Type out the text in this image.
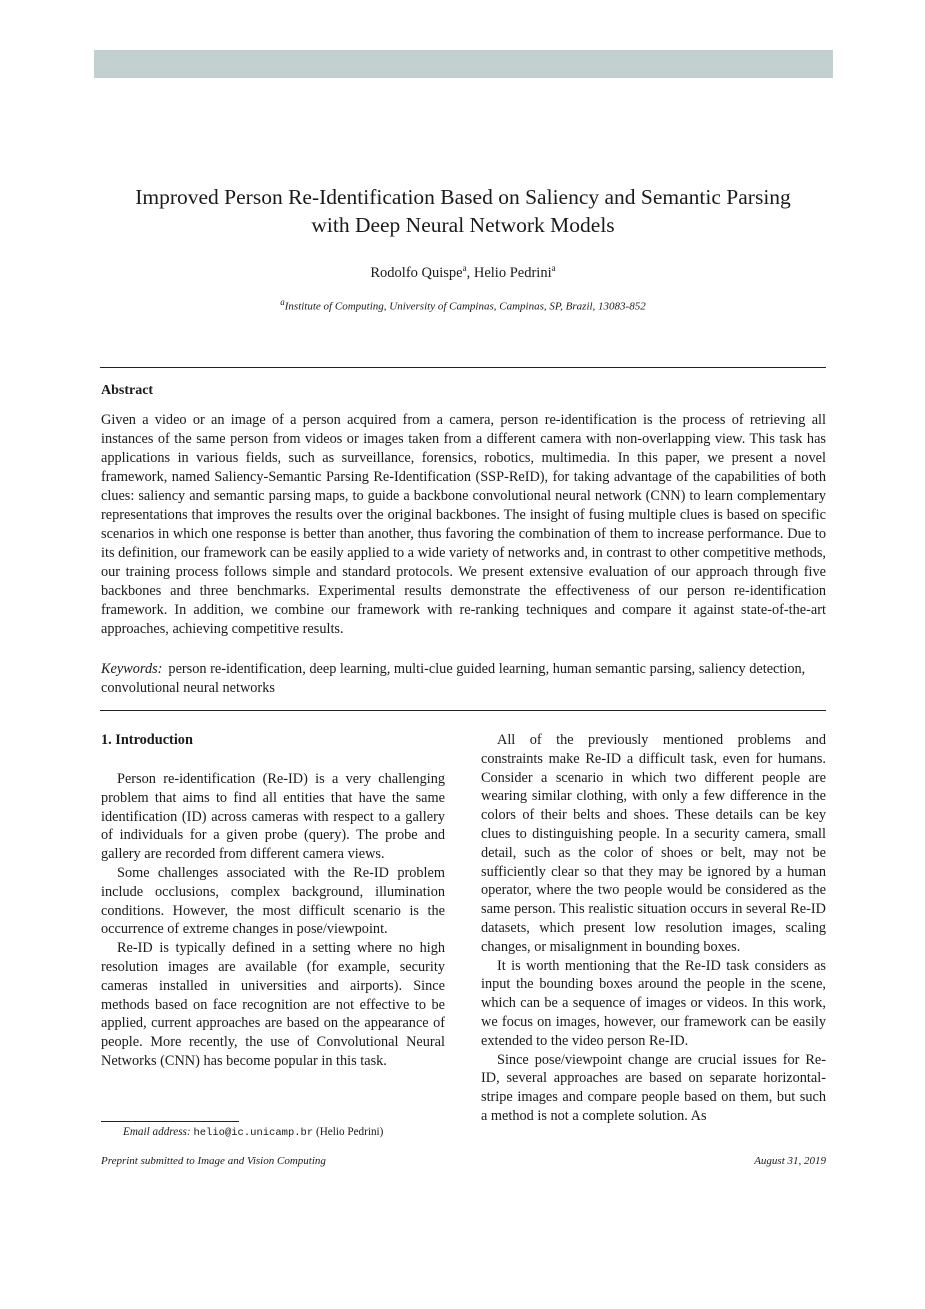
Improved Person Re-Identification Based on Saliency and Semantic Parsing
with Deep Neural Network Models
Rodolfo Quispe$^a$, Helio Pedrini$^a$
$^a$Institute of Computing, University of Campinas, Campinas, SP, Brazil, 13083-852
Abstract
Given a video or an image of a person acquired from a camera, person re-identification is the process of retrieving all instances of the same person from videos or images taken from a different camera with non-overlapping view. This task has applications in various fields, such as surveillance, forensics, robotics, multimedia. In this paper, we present a novel framework, named Saliency-Semantic Parsing Re-Identification (SSP-ReID), for taking advantage of the capabilities of both clues: saliency and semantic parsing maps, to guide a backbone convolutional neural network (CNN) to learn complementary representations that improves the results over the original backbones. The insight of fusing multiple clues is based on specific scenarios in which one response is better than another, thus favoring the combination of them to increase performance. Due to its definition, our framework can be easily applied to a wide variety of networks and, in contrast to other competitive methods, our training process follows simple and standard protocols. We present extensive evaluation of our approach through five backbones and three benchmarks. Experimental results demonstrate the effectiveness of our person re-identification framework. In addition, we combine our framework with re-ranking techniques and compare it against state-of-the-art approaches, achieving competitive results.
Keywords: person re-identification, deep learning, multi-clue guided learning, human semantic parsing, saliency detection, convolutional neural networks
1. Introduction

Person re-identification (Re-ID) is a very challenging problem that aims to find all entities that have the same identification (ID) across cameras with respect to a gallery of individuals for a given probe (query). The probe and gallery are recorded from different camera views.

Some challenges associated with the Re-ID problem include occlusions, complex background, illumination conditions. However, the most difficult scenario is the occurrence of extreme changes in pose/viewpoint.

Re-ID is typically defined in a setting where no high resolution images are available (for example, security cameras installed in universities and airports). Since methods based on face recognition are not effective to be applied, current approaches are based on the appearance of people. More recently, the use of Convolutional Neural Networks (CNN) has become popular in this task.

All of the previously mentioned problems and constraints make Re-ID a difficult task, even for humans. Consider a scenario in which two different people are wearing similar clothing, with only a few difference in the colors of their belts and shoes. These details can be key clues to distinguishing people. In a security camera, small detail, such as the color of shoes or belt, may not be sufficiently clear so that they may be ignored by a human operator, where the two people would be considered as the same person. This realistic situation occurs in several Re-ID datasets, which present low resolution images, scaling changes, or misalignment in bounding boxes.

It is worth mentioning that the Re-ID task considers as input the bounding boxes around the people in the scene, which can be a sequence of images or videos. In this work, we focus on images, however, our framework can be easily extended to the video person Re-ID.

Since pose/viewpoint change are crucial issues for Re-ID, several approaches are based on separate horizontal-stripe images and compare people based on them, but such a method is not a complete solution. As

Email address: helio@ic.unicamp.br (Helio Pedrini)
Preprint submitted to Image and Vision Computing	August 31, 2019
